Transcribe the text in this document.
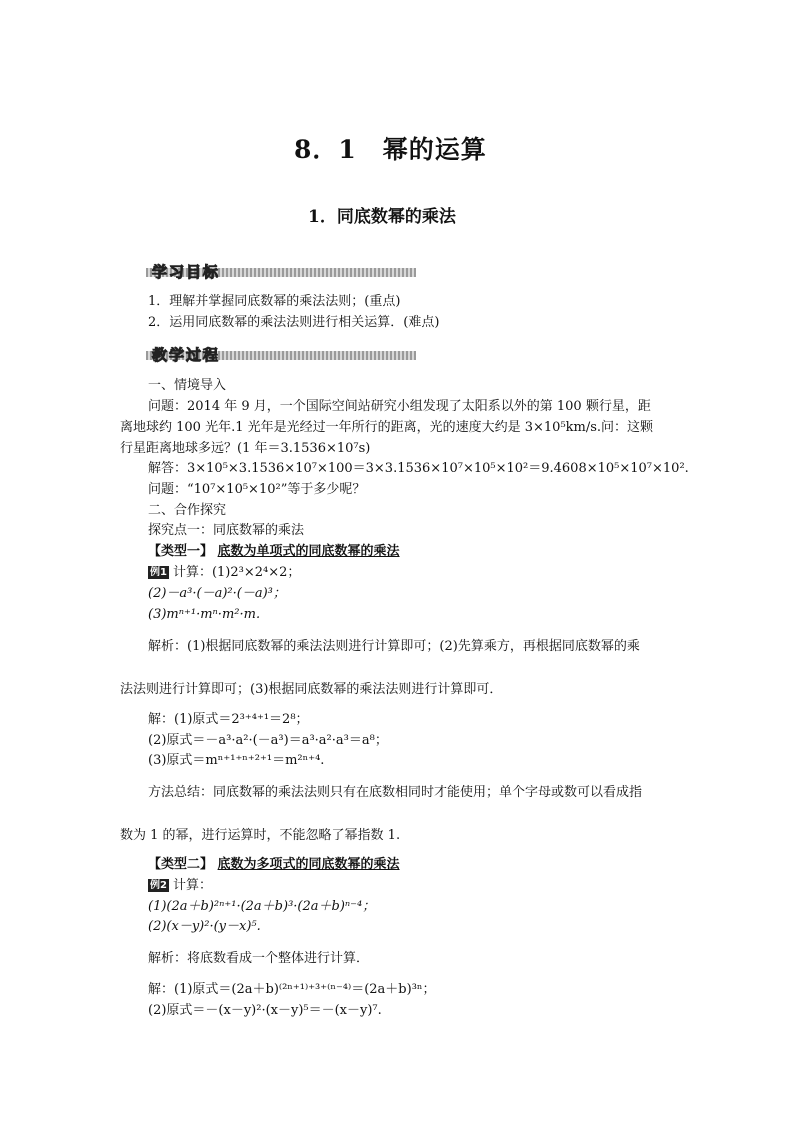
8．1　幂的运算
1．同底数幂的乘法
学习目标
1．理解并掌握同底数幂的乘法法则；(重点)
2．运用同底数幂的乘法法则进行相关运算．(难点)
教学过程
一、情境导入
问题：2014 年 9 月，一个国际空间站研究小组发现了太阳系以外的第 100 颗行星，距
离地球约 100 光年.1 光年是光经过一年所行的距离，光的速度大约是 3×10⁵km/s.问：这颗
行星距离地球多远？(1 年＝3.1536×10⁷s)
解答：3×10⁵×3.1536×10⁷×100＝3×3.1536×10⁷×10⁵×10²＝9.4608×10⁵×10⁷×10².
问题：“10⁷×10⁵×10²”等于多少呢？
二、合作探究
探究点一：同底数幂的乘法
【类型一】 底数为单项式的同底数幂的乘法
例1 计算：(1)2³×2⁴×2；
(2)－a³·(－a)²·(－a)³；
(3)mⁿ⁺¹·mⁿ·m²·m.
解析：(1)根据同底数幂的乘法法则进行计算即可；(2)先算乘方，再根据同底数幂的乘
法法则进行计算即可；(3)根据同底数幂的乘法法则进行计算即可．
解：(1)原式＝2³⁺⁴⁺¹＝2⁸；
(2)原式＝－a³·a²·(－a³)＝a³·a²·a³＝a⁸；
(3)原式＝mⁿ⁺¹⁺ⁿ⁺²⁺¹＝m²ⁿ⁺⁴.
方法总结：同底数幂的乘法法则只有在底数相同时才能使用；单个字母或数可以看成指
数为 1 的幂，进行运算时，不能忽略了幂指数 1.
【类型二】 底数为多项式的同底数幂的乘法
例2 计算：
(1)(2a＋b)²ⁿ⁺¹·(2a＋b)³·(2a＋b)ⁿ⁻⁴；
(2)(x－y)²·(y－x)⁵.
解析：将底数看成一个整体进行计算．
解：(1)原式＝(2a＋b)⁽²ⁿ⁺¹⁾⁺³⁺⁽ⁿ⁻⁴⁾＝(2a＋b)³ⁿ；
(2)原式＝－(x－y)²·(x－y)⁵＝－(x－y)⁷.
